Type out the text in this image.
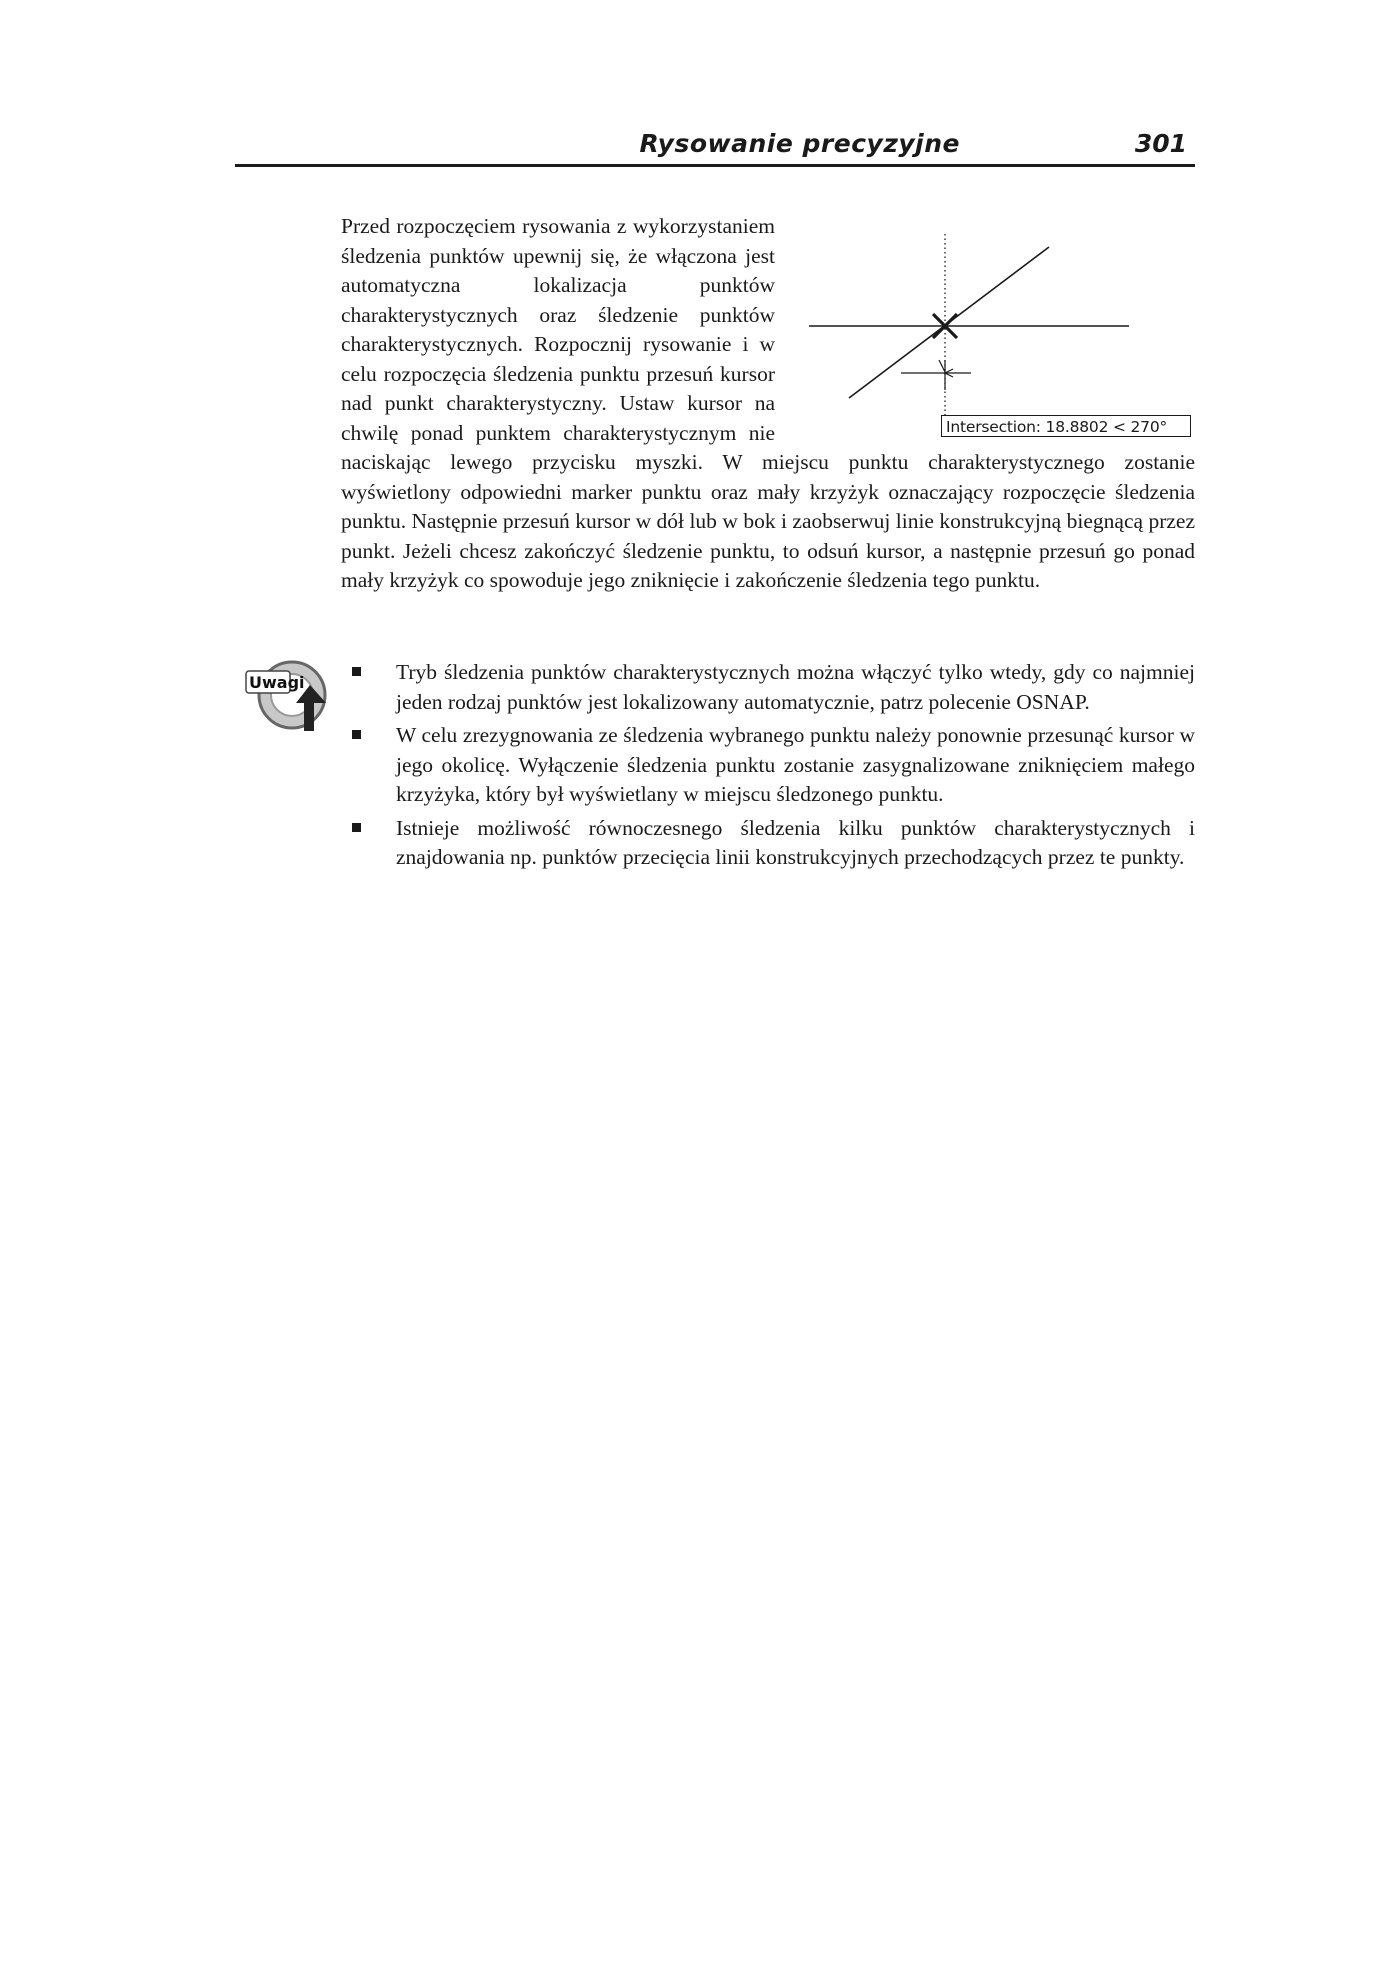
Rysowanie precyzyjne	301
Intersection: 18.8802 < 270°
Przed rozpoczęciem rysowania z wykorzystaniem śledzenia punktów upewnij się, że włączona jest automatyczna lokalizacja punktów charakterystycznych oraz śledzenie punktów charakterystycznych. Rozpocznij rysowanie i w celu rozpoczęcia śledzenia punktu przesuń kursor nad punkt charakterystyczny. Ustaw kursor na chwilę ponad punktem charakterystycznym nie naciskając lewego przycisku myszki. W miejscu punktu charakterystycznego zostanie wyświetlony odpowiedni marker punktu oraz mały krzyżyk oznaczający rozpoczęcie śledzenia punktu. Następnie przesuń kursor w dół lub w bok i zaobserwuj linie konstrukcyjną biegnącą przez punkt. Jeżeli chcesz zakończyć śledzenie punktu, to odsuń kursor, a następnie przesuń go ponad mały krzyżyk co spowoduje jego zniknięcie i zakończenie śledzenia tego punktu.
Uwagi	Tryb śledzenia punktów charakterystycznych można włączyć tylko wtedy, gdy co najmniej jeden rodzaj punktów jest lokalizowany automatycznie, patrz polecenie OSNAP.
W celu zrezygnowania ze śledzenia wybranego punktu należy ponownie przesunąć kursor w jego okolicę. Wyłączenie śledzenia punktu zostanie zasygnalizowane zniknięciem małego krzyżyka, który był wyświetlany w miejscu śledzonego punktu.
Istnieje możliwość równoczesnego śledzenia kilku punktów charakterystycznych i znajdowania np. punktów przecięcia linii konstrukcyjnych przechodzących przez te punkty.
